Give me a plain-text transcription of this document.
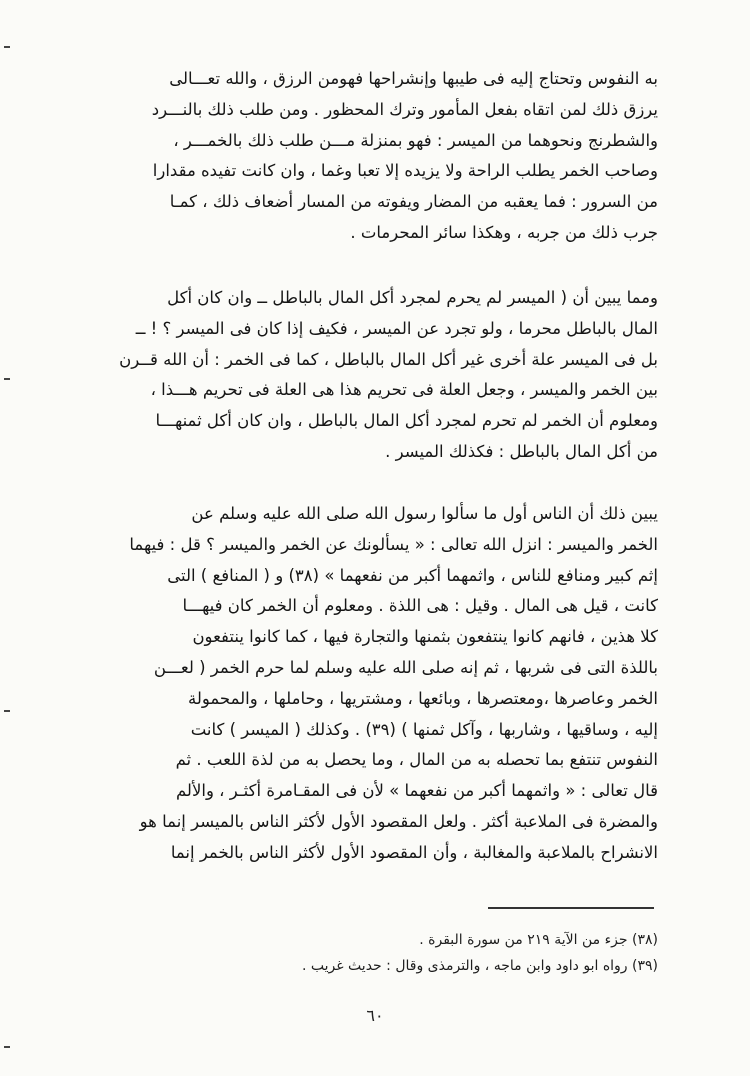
به النفوس وتحتاج إليه فى طيبها وإنشراحها فهومن الرزق ، والله تعـــالى
يرزق ذلك لمن اتقاه بفعل المأمور وترك المحظور . ومن طلب ذلك بالنـــرد
والشطرنج ونحوهما من الميسر : فهو بمنزلة مـــن طلب ذلك بالخمـــر ،
وصاحب الخمر يطلب الراحة ولا يزيده إلا تعبا وغما ، وان كانت تفيده مقدارا
من السرور : فما يعقبه من المضار ويفوته من المسار أضعاف ذلك ، كمـا
جرب ذلك من جربه ، وهكذا سائر المحرمات .
ومما يبين أن ( الميسر لم يحرم لمجرد أكل المال بالباطل ــ وان كان أكل
المال بالباطل محرما ، ولو تجرد عن الميسر ، فكيف إذا كان فى الميسر ؟ ! ــ
بل فى الميسر علة أخرى غير أكل المال بالباطل ، كما فى الخمر : أن الله قــرن
بين الخمر والميسر ، وجعل العلة فى تحريم هذا هى العلة فى تحريم هـــذا ،
ومعلوم أن الخمر لم تحرم لمجرد أكل المال بالباطل ، وان كان أكل ثمنهـــا
من أكل المال بالباطل : فكذلك الميسر .
يبين ذلك أن الناس أول ما سألوا رسول الله صلى الله عليه وسلم عن
الخمر والميسر : انزل الله تعالى : « يسألونك عن الخمر والميسر ؟ قل : فيهما
إثم كبير ومنافع للناس ، واثمهما أكبر من نفعهما » (٣٨) و ( المنافع ) التى
كانت ، قيل هى المال . وقيل : هى اللذة . ومعلوم أن الخمر كان فيهـــا
كلا هذين ، فانهم كانوا ينتفعون بثمنها والتجارة فيها ، كما كانوا ينتفعون
باللذة التى فى شربها ، ثم إنه صلى الله عليه وسلم لما حرم الخمر ( لعـــن
الخمر وعاصرها ،ومعتصرها ، وبائعها ، ومشتريها ، وحاملها ، والمحمولة
إليه ، وساقيها ، وشاربها ، وآكل ثمنها ) (٣٩) . وكذلك ( الميسر ) كانت
النفوس تنتفع بما تحصله به من المال ، وما يحصل به من لذة اللعب . ثم
قال تعالى : « واثمهما أكبر من نفعهما » لأن فى المقـامرة أكثـر ، والألم
والمضرة فى الملاعبة أكثر . ولعل المقصود الأول لأكثر الناس بالميسر إنما هو
الانشراح بالملاعبة والمغالبة ، وأن المقصود الأول لأكثر الناس بالخمر إنما
(٣٨) جزء من الآية ٢١٩ من سورة البقرة .
(٣٩) رواه ابو داود وابن ماجه ، والترمذى وقال : حديث غريب .
٦٠
